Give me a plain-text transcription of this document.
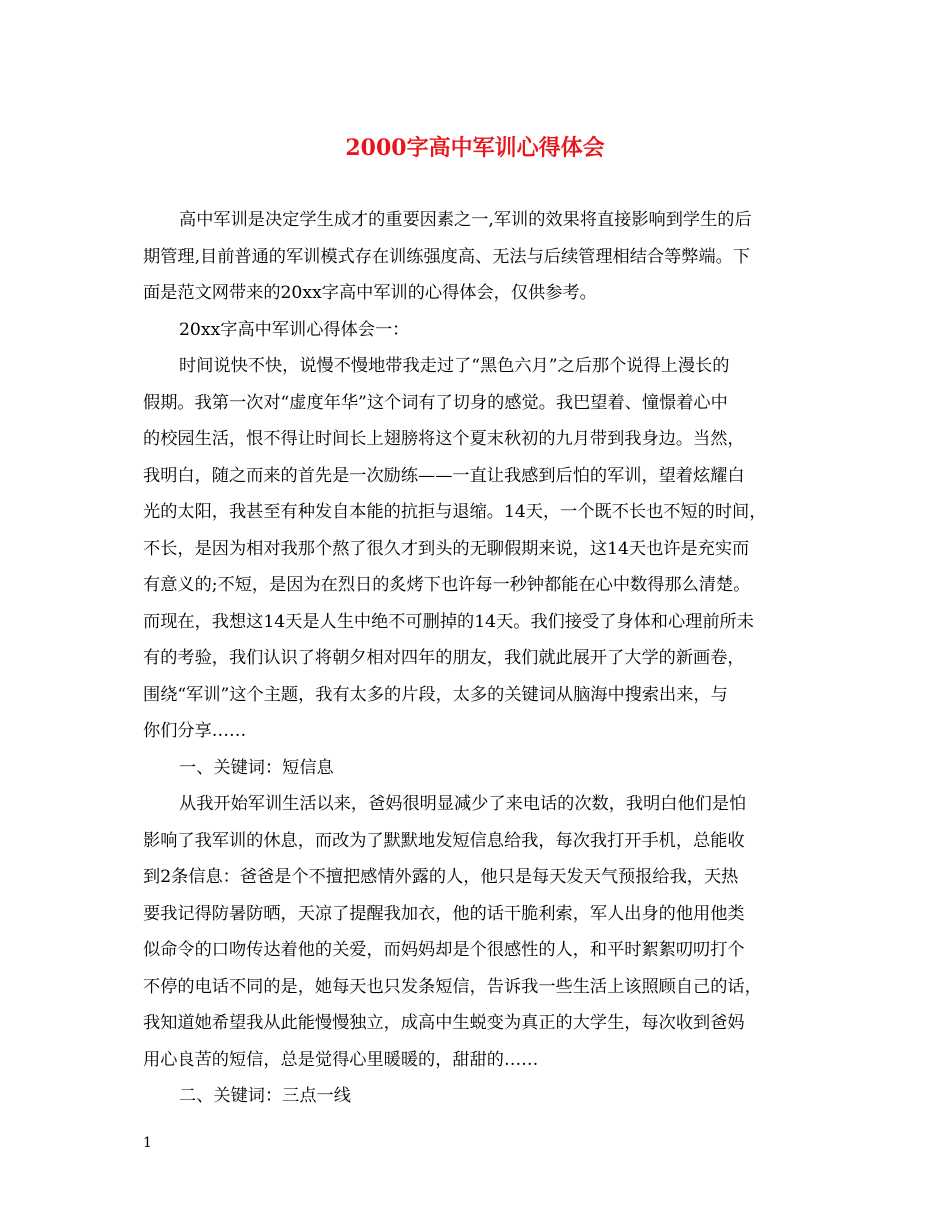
2000字高中军训心得体会
高中军训是决定学生成才的重要因素之一,军训的效果将直接影响到学生的后
期管理,目前普通的军训模式存在训练强度高、无法与后续管理相结合等弊端。下
面是范文网带来的20xx字高中军训的心得体会，仅供参考。
20xx字高中军训心得体会一：
时间说快不快，说慢不慢地带我走过了“黑色六月”之后那个说得上漫长的
假期。我第一次对“虚度年华”这个词有了切身的感觉。我巴望着、憧憬着心中
的校园生活，恨不得让时间长上翅膀将这个夏末秋初的九月带到我身边。当然，
我明白，随之而来的首先是一次励练——一直让我感到后怕的军训，望着炫耀白
光的太阳，我甚至有种发自本能的抗拒与退缩。14天，一个既不长也不短的时间，
不长，是因为相对我那个熬了很久才到头的无聊假期来说，这14天也许是充实而
有意义的;不短，是因为在烈日的炙烤下也许每一秒钟都能在心中数得那么清楚。
而现在，我想这14天是人生中绝不可删掉的14天。我们接受了身体和心理前所未
有的考验，我们认识了将朝夕相对四年的朋友，我们就此展开了大学的新画卷，
围绕“军训”这个主题，我有太多的片段，太多的关键词从脑海中搜索出来，与
你们分享……
一、关键词：短信息
从我开始军训生活以来，爸妈很明显减少了来电话的次数，我明白他们是怕
影响了我军训的休息，而改为了默默地发短信息给我，每次我打开手机，总能收
到2条信息：爸爸是个不擅把感情外露的人，他只是每天发天气预报给我，天热
要我记得防暑防晒，天凉了提醒我加衣，他的话干脆利索，军人出身的他用他类
似命令的口吻传达着他的关爱，而妈妈却是个很感性的人，和平时絮絮叨叨打个
不停的电话不同的是，她每天也只发条短信，告诉我一些生活上该照顾自己的话，
我知道她希望我从此能慢慢独立，成高中生蜕变为真正的大学生，每次收到爸妈
用心良苦的短信，总是觉得心里暖暖的，甜甜的……
二、关键词：三点一线
1
